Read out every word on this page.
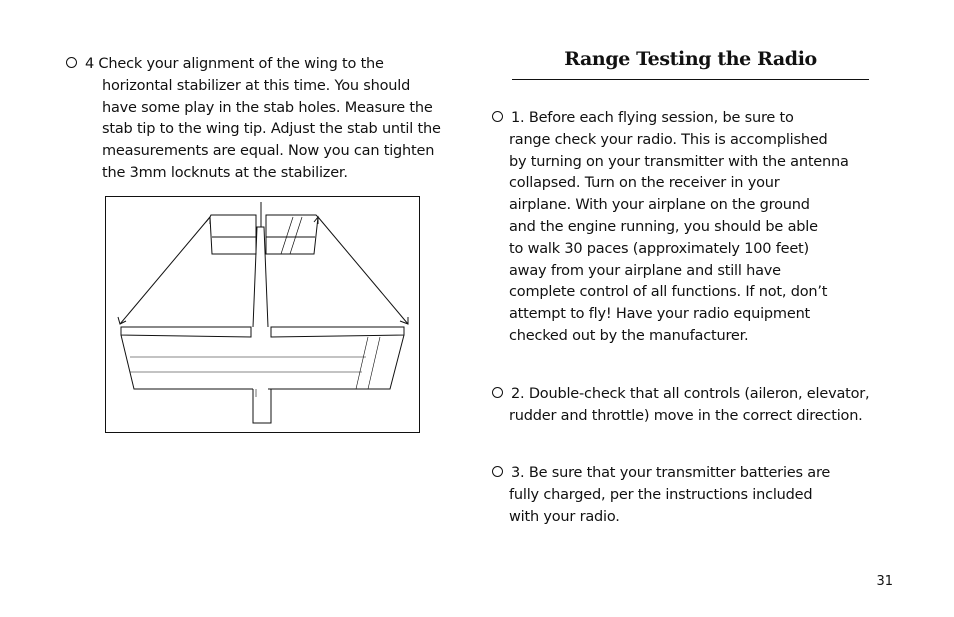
4 Check your alignment of the wing to the
horizontal stabilizer at this time. You should
have some play in the stab holes. Measure the
stab tip to the wing tip. Adjust the stab until the
measurements are equal. Now you can tighten
the 3mm locknuts at the stabilizer.
Range Testing the Radio
1. Before each flying session, be sure to
range check your radio. This is accomplished
by turning on your transmitter with the antenna
collapsed. Turn on the receiver in your
airplane. With your airplane on the ground
and the engine running, you should be able
to walk 30 paces (approximately 100 feet)
away from your airplane and still have
complete control of all functions. If not, don’t
attempt to fly! Have your radio equipment
checked out by the manufacturer.
2. Double-check that all controls (aileron, elevator,
rudder and throttle) move in the correct direction.
3. Be sure that your transmitter batteries are
fully charged, per the instructions included
with your radio.
31
